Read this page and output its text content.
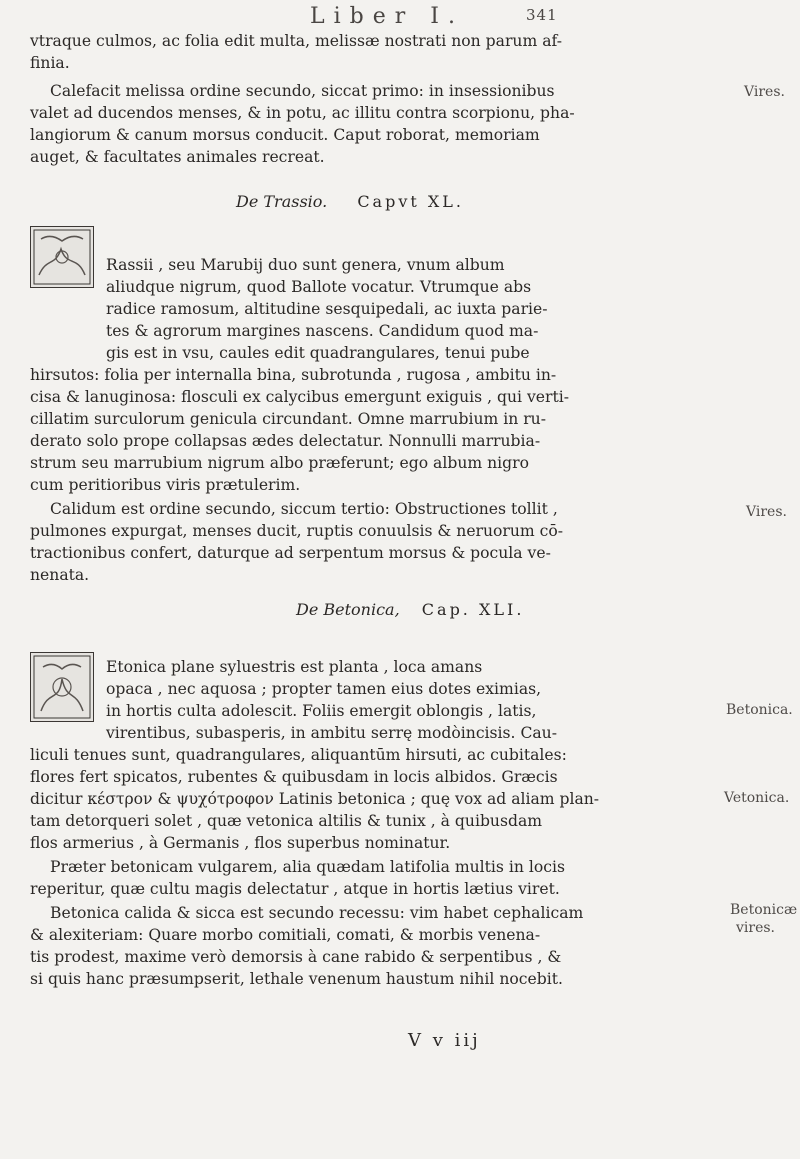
Liber I.	341
vtraque culmos, ac folia edit multa, melissæ nostrati non parum af-
finia.
Calefacit melissa ordine secundo, siccat primo: in insessionibus
valet ad ducendos menses, & in potu, ac illitu contra scorpionu, pha-
langiorum & canum morsus conducit. Caput roborat, memoriam
auget, & facultates animales recreat.
Vires.
De Trassio. Capvt XL.
Rassii , seu Marubij duo sunt genera, vnum album
aliudque nigrum, quod Ballote vocatur. Vtrumque abs
radice ramosum, altitudine sesquipedali, ac iuxta parie-
tes & agrorum margines nascens. Candidum quod ma-
gis est in vsu, caules edit quadrangulares, tenui pube
hirsutos: folia per internalla bina, subrotunda , rugosa , ambitu in-
cisa & lanuginosa: flosculi ex calycibus emergunt exiguis , qui verti-
cillatim surculorum genicula circundant. Omne marrubium in ru-
derato solo prope collapsas ædes delectatur. Nonnulli marrubia-
strum seu marrubium nigrum albo præferunt; ego album nigro
cum peritioribus viris prætulerim.
Calidum est ordine secundo, siccum tertio: Obstructiones tollit ,
pulmones expurgat, menses ducit, ruptis conuulsis & neruorum cō-
tractionibus confert, daturque ad serpentum morsus & pocula ve-
nenata.
Vires.
De Betonica, Cap. XLI.
Etonica plane syluestris est planta , loca amans
opaca , nec aquosa ; propter tamen eius dotes eximias,
in hortis culta adolescit. Foliis emergit oblongis , latis,
virentibus, subasperis, in ambitu serrę modòincisis. Cau-
liculi tenues sunt, quadrangulares, aliquantūm hirsuti, ac cubitales:
flores fert spicatos, rubentes & quibusdam in locis albidos. Græcis
dicitur κέστρον & ψυχότροφον Latinis betonica ; quę vox ad aliam plan-
tam detorqueri solet , quæ vetonica altilis & tunix , à quibusdam
flos armerius , à Germanis , flos superbus nominatur.
Præter betonicam vulgarem, alia quædam latifolia multis in locis
reperitur, quæ cultu magis delectatur , atque in hortis lætius viret.
Betonica calida & sicca est secundo recessu: vim habet cephalicam
& alexiteriam: Quare morbo comitiali, comati, & morbis venena-
tis prodest, maxime verò demorsis à cane rabido & serpentibus , &
si quis hanc præsumpserit, lethale venenum haustum nihil nocebit.
Betonica.
Vetonica.
Betonicæ
vires.
V v iij
